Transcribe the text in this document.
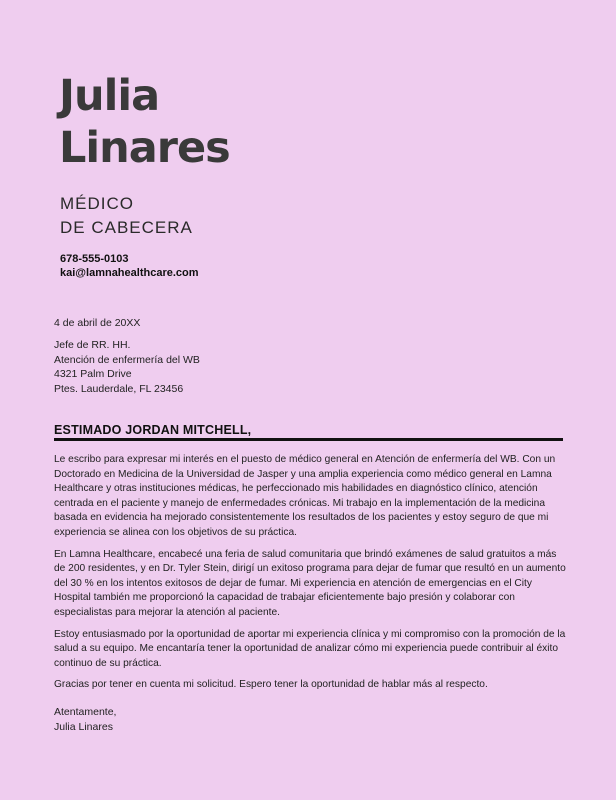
Julia
Linares
MÉDICO
DE CABECERA
678-555-0103
kai@lamnahealthcare.com
4 de abril de 20XX
Jefe de RR. HH.
Atención de enfermería del WB
4321 Palm Drive
Ptes. Lauderdale, FL 23456
ESTIMADO JORDAN MITCHELL,

Le escribo para expresar mi interés en el puesto de médico general en Atención de enfermería del WB. Con un Doctorado en Medicina de la Universidad de Jasper y una amplia experiencia como médico general en Lamna Healthcare y otras instituciones médicas, he perfeccionado mis habilidades en diagnóstico clínico, atención centrada en el paciente y manejo de enfermedades crónicas. Mi trabajo en la implementación de la medicina basada en evidencia ha mejorado consistentemente los resultados de los pacientes y estoy seguro de que mi experiencia se alinea con los objetivos de su práctica.

En Lamna Healthcare, encabecé una feria de salud comunitaria que brindó exámenes de salud gratuitos a más de 200 residentes, y en Dr. Tyler Stein, dirigí un exitoso programa para dejar de fumar que resultó en un aumento del 30 % en los intentos exitosos de dejar de fumar. Mi experiencia en atención de emergencias en el City Hospital también me proporcionó la capacidad de trabajar eficientemente bajo presión y colaborar con especialistas para mejorar la atención al paciente.

Estoy entusiasmado por la oportunidad de aportar mi experiencia clínica y mi compromiso con la promoción de la salud a su equipo. Me encantaría tener la oportunidad de analizar cómo mi experiencia puede contribuir al éxito continuo de su práctica.

Gracias por tener en cuenta mi solicitud. Espero tener la oportunidad de hablar más al respecto.

Atentamente,
Julia Linares
